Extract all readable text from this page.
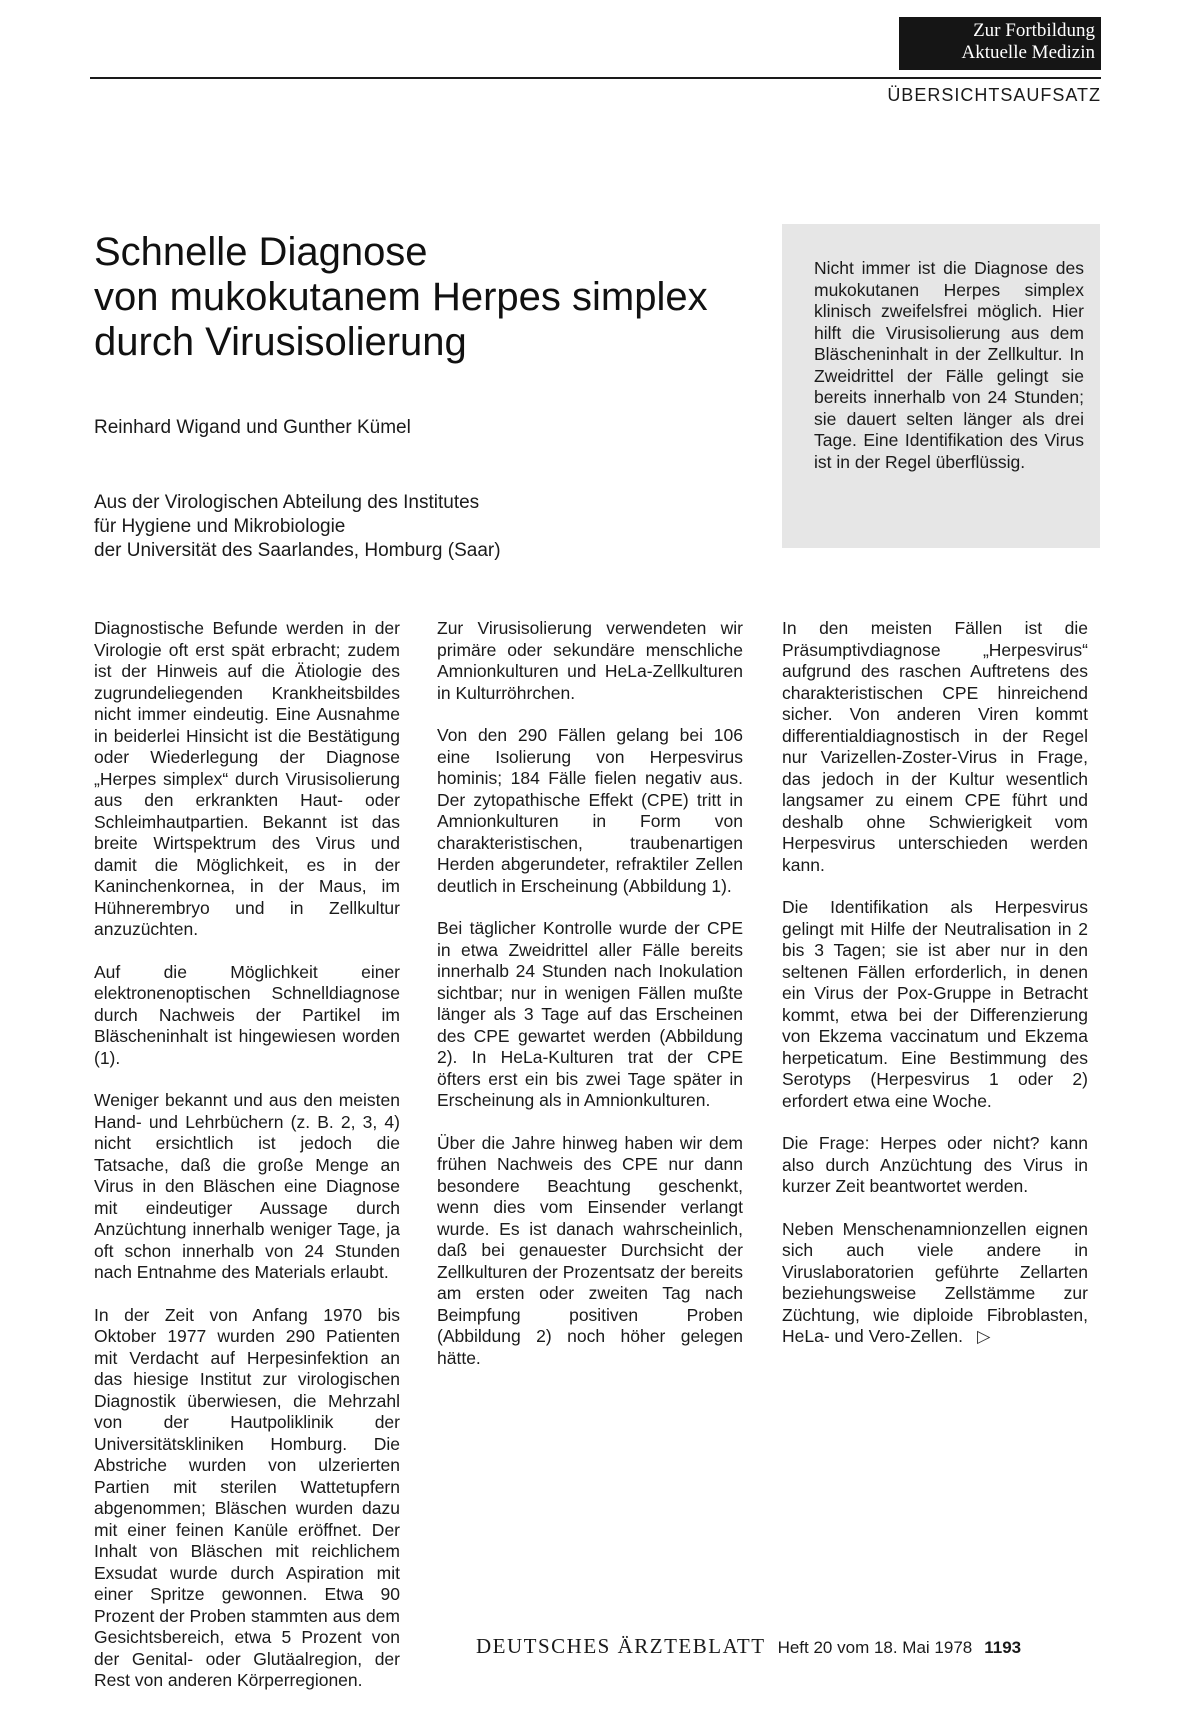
Zur Fortbildung
Aktuelle Medizin
ÜBERSICHTSAUFSATZ
Schnelle Diagnose
von mukokutanem Herpes simplex
durch Virusisolierung
Reinhard Wigand und Gunther Kümel
Aus der Virologischen Abteilung des Institutes
für Hygiene und Mikrobiologie
der Universität des Saarlandes, Homburg (Saar)
Nicht immer ist die Diagnose des mukokutanen Herpes simplex klinisch zweifelsfrei möglich. Hier hilft die Virusisolierung aus dem Bläscheninhalt in der Zellkultur. In Zweidrittel der Fälle gelingt sie bereits innerhalb von 24 Stunden; sie dauert selten länger als drei Tage. Eine Identifikation des Virus ist in der Regel überflüssig.

Diagnostische Befunde werden in der Virologie oft erst spät erbracht; zudem ist der Hinweis auf die Ätiologie des zugrundeliegenden Krankheitsbildes nicht immer eindeutig. Eine Ausnahme in beiderlei Hinsicht ist die Bestätigung oder Wiederlegung der Diagnose „Herpes simplex“ durch Virusisolierung aus den erkrankten Haut- oder Schleimhautpartien. Bekannt ist das breite Wirtspektrum des Virus und damit die Möglichkeit, es in der Kaninchenkornea, in der Maus, im Hühnerembryo und in Zellkultur anzuzüchten.

Auf die Möglichkeit einer elektronenoptischen Schnelldiagnose durch Nachweis der Partikel im Bläscheninhalt ist hingewiesen worden (1).

Weniger bekannt und aus den meisten Hand- und Lehrbüchern (z. B. 2, 3, 4) nicht ersichtlich ist jedoch die Tatsache, daß die große Menge an Virus in den Bläschen eine Diagnose mit eindeutiger Aussage durch Anzüchtung innerhalb weniger Tage, ja oft schon innerhalb von 24 Stunden nach Entnahme des Materials erlaubt.

In der Zeit von Anfang 1970 bis Oktober 1977 wurden 290 Patienten mit Verdacht auf Herpesinfektion an das hiesige Institut zur virologischen Diagnostik überwiesen, die Mehrzahl von der Hautpoliklinik der Universitätskliniken Homburg. Die Abstriche wurden von ulzerierten Partien mit sterilen Wattetupfern abgenommen; Bläschen wurden dazu mit einer feinen Kanüle eröffnet. Der Inhalt von Bläschen mit reichlichem Exsudat wurde durch Aspiration mit einer Spritze gewonnen. Etwa 90 Prozent der Proben stammten aus dem Gesichtsbereich, etwa 5 Prozent von der Genital- oder Glutäalregion, der Rest von anderen Körperregionen.

Zur Virusisolierung verwendeten wir primäre oder sekundäre menschliche Amnionkulturen und HeLa-Zellkulturen in Kulturröhrchen.

Von den 290 Fällen gelang bei 106 eine Isolierung von Herpesvirus hominis; 184 Fälle fielen negativ aus. Der zytopathische Effekt (CPE) tritt in Amnionkulturen in Form von charakteristischen, traubenartigen Herden abgerundeter, refraktiler Zellen deutlich in Erscheinung (Abbildung 1).

Bei täglicher Kontrolle wurde der CPE in etwa Zweidrittel aller Fälle bereits innerhalb 24 Stunden nach Inokulation sichtbar; nur in wenigen Fällen mußte länger als 3 Tage auf das Erscheinen des CPE gewartet werden (Abbildung 2). In HeLa-Kulturen trat der CPE öfters erst ein bis zwei Tage später in Erscheinung als in Amnionkulturen.

Über die Jahre hinweg haben wir dem frühen Nachweis des CPE nur dann besondere Beachtung geschenkt, wenn dies vom Einsender verlangt wurde. Es ist danach wahrscheinlich, daß bei genauester Durchsicht der Zellkulturen der Prozentsatz der bereits am ersten oder zweiten Tag nach Beimpfung positiven Proben (Abbildung 2) noch höher gelegen hätte.

In den meisten Fällen ist die Präsumptivdiagnose „Herpesvirus“ aufgrund des raschen Auftretens des charakteristischen CPE hinreichend sicher. Von anderen Viren kommt differentialdiagnostisch in der Regel nur Varizellen-Zoster-Virus in Frage, das jedoch in der Kultur wesentlich langsamer zu einem CPE führt und deshalb ohne Schwierigkeit vom Herpesvirus unterschieden werden kann.

Die Identifikation als Herpesvirus gelingt mit Hilfe der Neutralisation in 2 bis 3 Tagen; sie ist aber nur in den seltenen Fällen erforderlich, in denen ein Virus der Pox-Gruppe in Betracht kommt, etwa bei der Differenzierung von Ekzema vaccinatum und Ekzema herpeticatum. Eine Bestimmung des Serotyps (Herpesvirus 1 oder 2) erfordert etwa eine Woche.

Die Frage: Herpes oder nicht? kann also durch Anzüchtung des Virus in kurzer Zeit beantwortet werden.

Neben Menschenamnionzellen eignen sich auch viele andere in Viruslaboratorien geführte Zellarten beziehungsweise Zellstämme zur Züchtung, wie diploide Fibroblasten, HeLa- und Vero-Zellen. ▷

DEUTSCHES ÄRZTEBLATT Heft 20 vom 18. Mai 1978 1193
